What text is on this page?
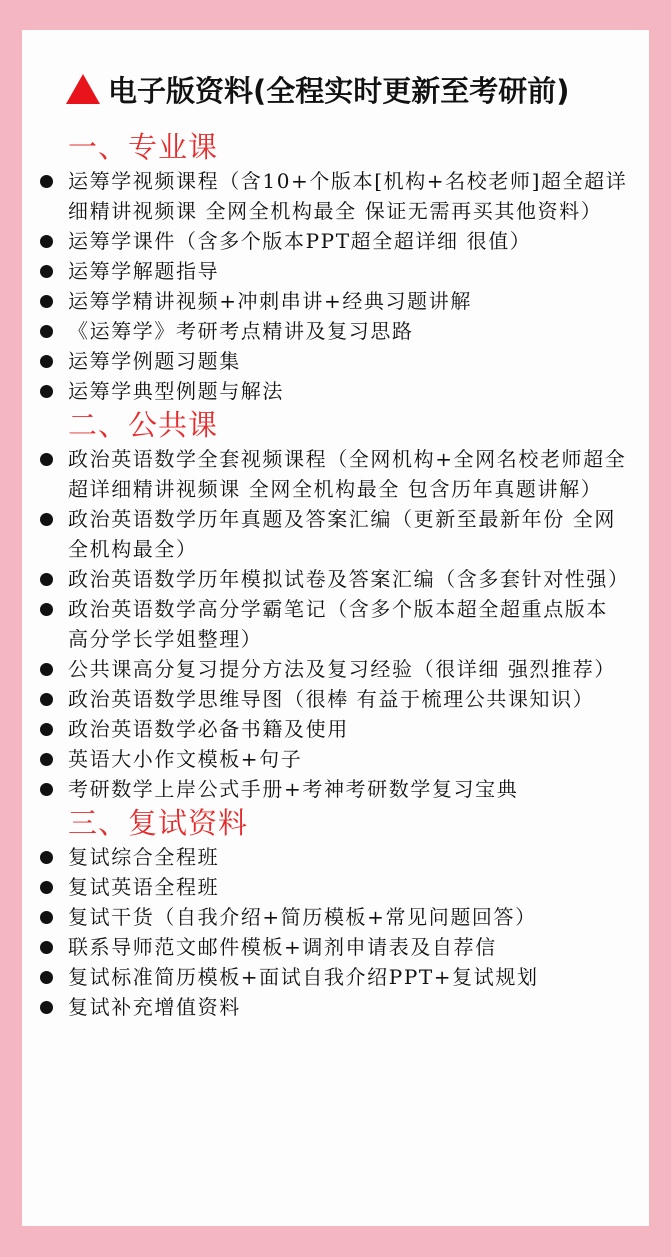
电子版资料(全程实时更新至考研前)
一、专业课
运筹学视频课程（含10+个版本[机构+名校老师]超全超详细精讲视频课 全网全机构最全 保证无需再买其他资料）
运筹学课件（含多个版本PPT超全超详细 很值）
运筹学解题指导
运筹学精讲视频+冲刺串讲+经典习题讲解
《运筹学》考研考点精讲及复习思路
运筹学例题习题集
运筹学典型例题与解法
二、公共课
政治英语数学全套视频课程（全网机构+全网名校老师超全超详细精讲视频课 全网全机构最全 包含历年真题讲解）
政治英语数学历年真题及答案汇编（更新至最新年份 全网全机构最全）
政治英语数学历年模拟试卷及答案汇编（含多套针对性强）
政治英语数学高分学霸笔记（含多个版本超全超重点版本 高分学长学姐整理）
公共课高分复习提分方法及复习经验（很详细 强烈推荐）
政治英语数学思维导图（很棒 有益于梳理公共课知识）
政治英语数学必备书籍及使用
英语大小作文模板+句子
考研数学上岸公式手册+考神考研数学复习宝典
三、复试资料
复试综合全程班
复试英语全程班
复试干货（自我介绍+简历模板+常见问题回答）
联系导师范文邮件模板+调剂申请表及自荐信
复试标准简历模板+面试自我介绍PPT+复试规划
复试补充增值资料
